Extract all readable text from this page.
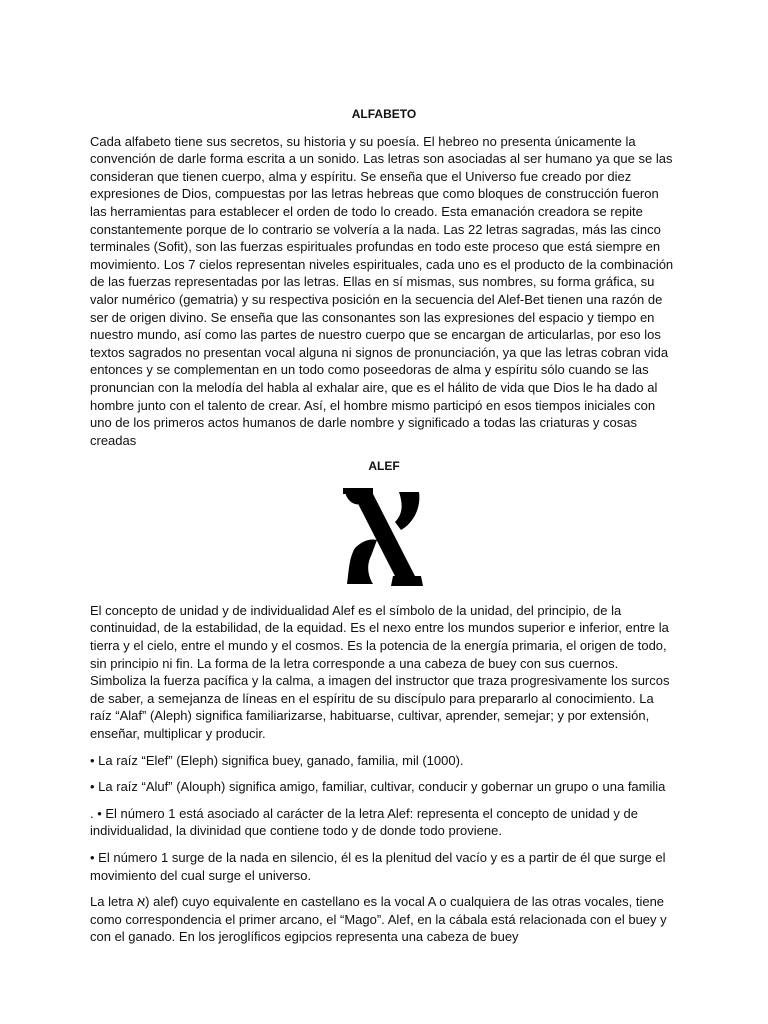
ALFABETO

Cada alfabeto tiene sus secretos, su historia y su poesía. El hebreo no presenta únicamente la convención de darle forma escrita a un sonido. Las letras son asociadas al ser humano ya que se las consideran que tienen cuerpo, alma y espíritu. Se enseña que el Universo fue creado por diez expresiones de Dios, compuestas por las letras hebreas que como bloques de construcción fueron las herramientas para establecer el orden de todo lo creado. Esta emanación creadora se repite constantemente porque de lo contrario se volvería a la nada. Las 22 letras sagradas, más las cinco terminales (Sofit), son las fuerzas espirituales profundas en todo este proceso que está siempre en movimiento. Los 7 cielos representan niveles espirituales, cada uno es el producto de la combinación de las fuerzas representadas por las letras. Ellas en sí mismas, sus nombres, su forma gráfica, su valor numérico (gematria) y su respectiva posición en la secuencia del Alef-Bet tienen una razón de ser de origen divino. Se enseña que las consonantes son las expresiones del espacio y tiempo en nuestro mundo, así como las partes de nuestro cuerpo que se encargan de articularlas, por eso los textos sagrados no presentan vocal alguna ni signos de pronunciación, ya que las letras cobran vida entonces y se complementan en un todo como poseedoras de alma y espíritu sólo cuando se las pronuncian con la melodía del habla al exhalar aire, que es el hálito de vida que Dios le ha dado al hombre junto con el talento de crear. Así, el hombre mismo participó en esos tiempos iniciales con uno de los primeros actos humanos de darle nombre y significado a todas las criaturas y cosas creadas

ALEF

El concepto de unidad y de individualidad Alef es el símbolo de la unidad, del principio, de la continuidad, de la estabilidad, de la equidad. Es el nexo entre los mundos superior e inferior, entre la tierra y el cielo, entre el mundo y el cosmos. Es la potencia de la energía primaria, el origen de todo, sin principio ni fin. La forma de la letra corresponde a una cabeza de buey con sus cuernos. Simboliza la fuerza pacífica y la calma, a imagen del instructor que traza progresivamente los surcos de saber, a semejanza de líneas en el espíritu de su discípulo para prepararlo al conocimiento. La raíz “Alaf” (Aleph) significa familiarizarse, habituarse, cultivar, aprender, semejar; y por extensión, enseñar, multiplicar y producir.

• La raíz “Elef” (Eleph) significa buey, ganado, familia, mil (1000).

• La raíz “Aluf” (Alouph) significa amigo, familiar, cultivar, conducir y gobernar un grupo o una familia

. • El número 1 está asociado al carácter de la letra Alef: representa el concepto de unidad y de individualidad, la divinidad que contiene todo y de donde todo proviene.

• El número 1 surge de la nada en silencio, él es la plenitud del vacío y es a partir de él que surge el movimiento del cual surge el universo.

La letra א) alef) cuyo equivalente en castellano es la vocal A o cualquiera de las otras vocales, tiene como correspondencia el primer arcano, el “Mago”. Alef, en la cábala está relacionada con el buey y con el ganado. En los jeroglíficos egipcios representa una cabeza de buey
